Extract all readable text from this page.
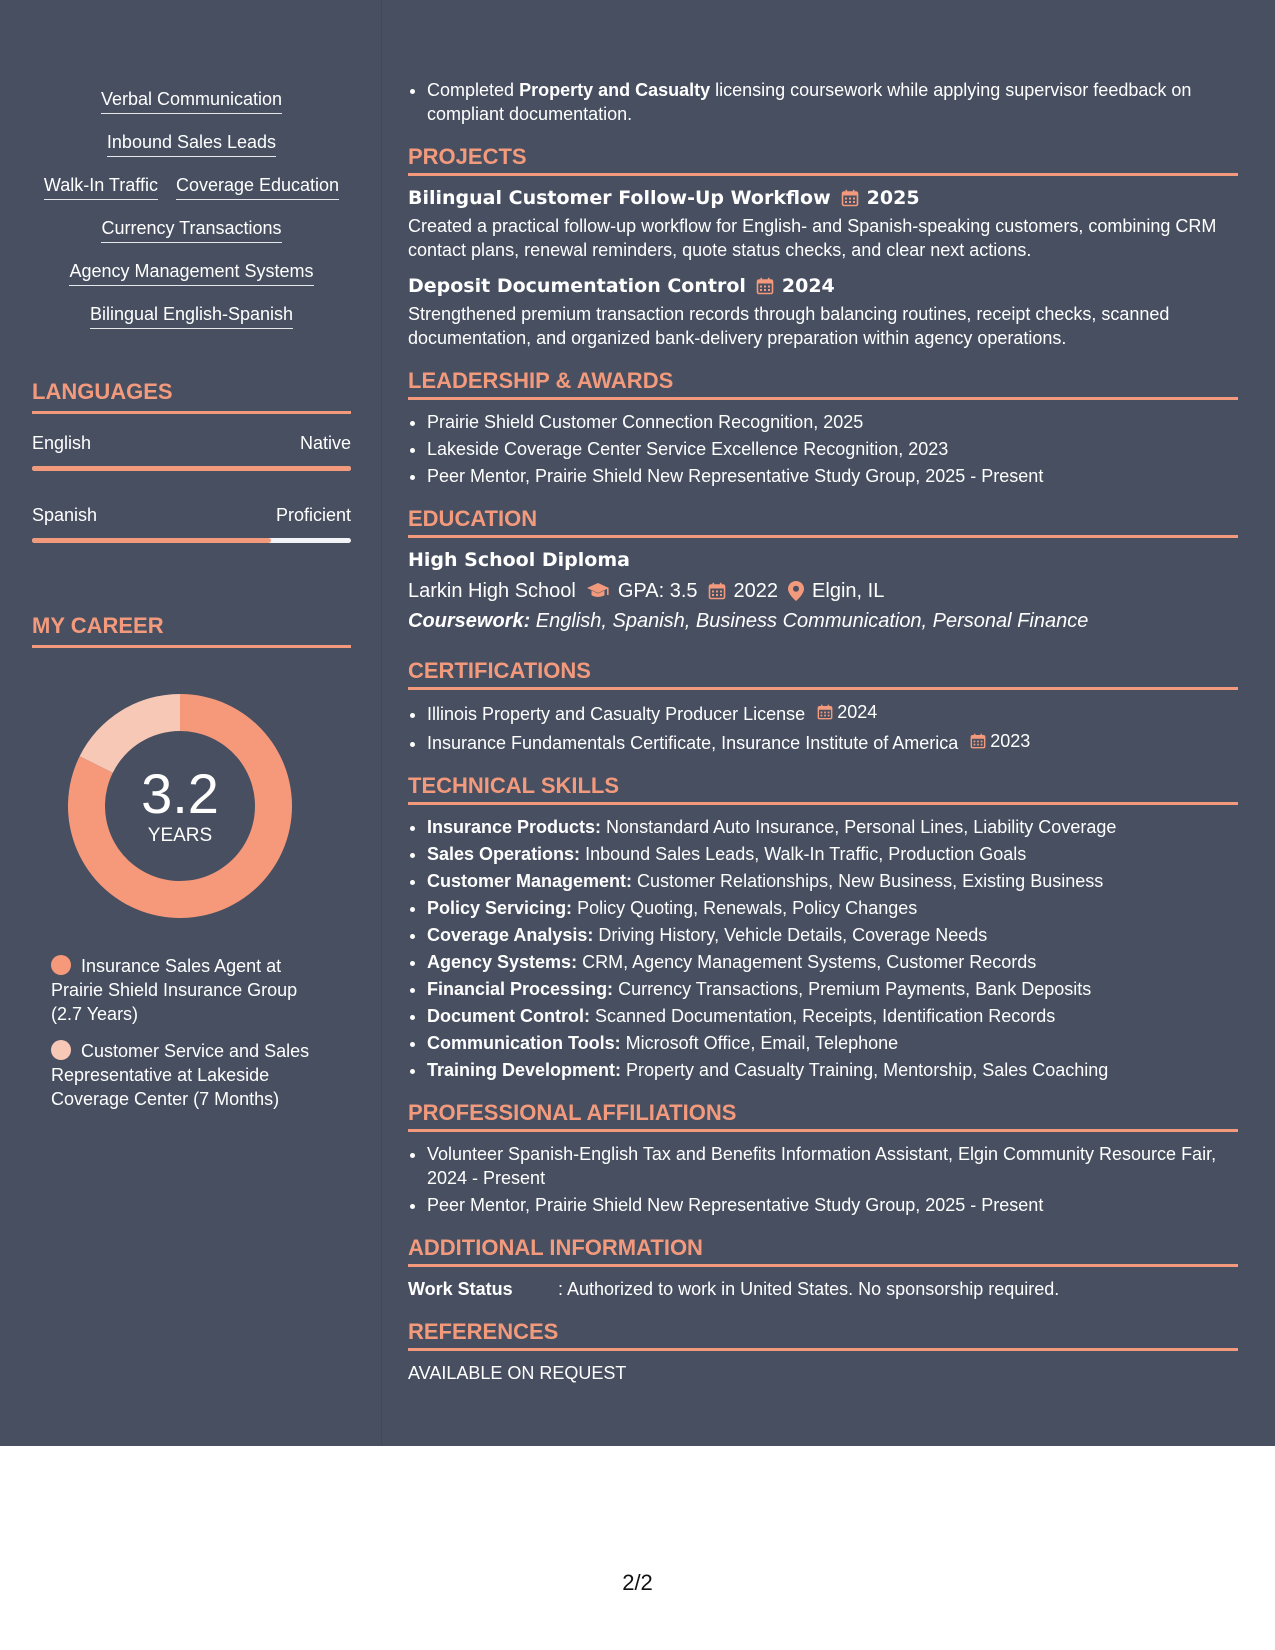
Verbal Communication
Inbound Sales Leads
Walk-In Traffic Coverage Education
Currency Transactions
Agency Management Systems
Bilingual English-Spanish
LANGUAGES
English	Native
Spanish	Proficient
MY CAREER
3.2
YEARS
Insurance Sales Agent at Prairie Shield Insurance Group (2.7 Years)
Customer Service and Sales Representative at Lakeside Coverage Center (7 Months)
• Completed Property and Casualty licensing coursework while applying supervisor feedback on compliant documentation.
PROJECTS
Bilingual Customer Follow-Up Workflow 2025
Created a practical follow-up workflow for English- and Spanish-speaking customers, combining CRM contact plans, renewal reminders, quote status checks, and clear next actions.
Deposit Documentation Control 2024
Strengthened premium transaction records through balancing routines, receipt checks, scanned documentation, and organized bank-delivery preparation within agency operations.
LEADERSHIP & AWARDS
• Prairie Shield Customer Connection Recognition, 2025
• Lakeside Coverage Center Service Excellence Recognition, 2023
• Peer Mentor, Prairie Shield New Representative Study Group, 2025 - Present
EDUCATION
High School Diploma
Larkin High School GPA: 3.5 2022 Elgin, IL
Coursework: English, Spanish, Business Communication, Personal Finance
CERTIFICATIONS
• Illinois Property and Casualty Producer License 2024
• Insurance Fundamentals Certificate, Insurance Institute of America 2023
TECHNICAL SKILLS
• Insurance Products: Nonstandard Auto Insurance, Personal Lines, Liability Coverage
• Sales Operations: Inbound Sales Leads, Walk-In Traffic, Production Goals
• Customer Management: Customer Relationships, New Business, Existing Business
• Policy Servicing: Policy Quoting, Renewals, Policy Changes
• Coverage Analysis: Driving History, Vehicle Details, Coverage Needs
• Agency Systems: CRM, Agency Management Systems, Customer Records
• Financial Processing: Currency Transactions, Premium Payments, Bank Deposits
• Document Control: Scanned Documentation, Receipts, Identification Records
• Communication Tools: Microsoft Office, Email, Telephone
• Training Development: Property and Casualty Training, Mentorship, Sales Coaching
PROFESSIONAL AFFILIATIONS
• Volunteer Spanish-English Tax and Benefits Information Assistant, Elgin Community Resource Fair, 2024 - Present
• Peer Mentor, Prairie Shield New Representative Study Group, 2025 - Present
ADDITIONAL INFORMATION
Work Status	: Authorized to work in United States. No sponsorship required.
REFERENCES
AVAILABLE ON REQUEST
2/2
